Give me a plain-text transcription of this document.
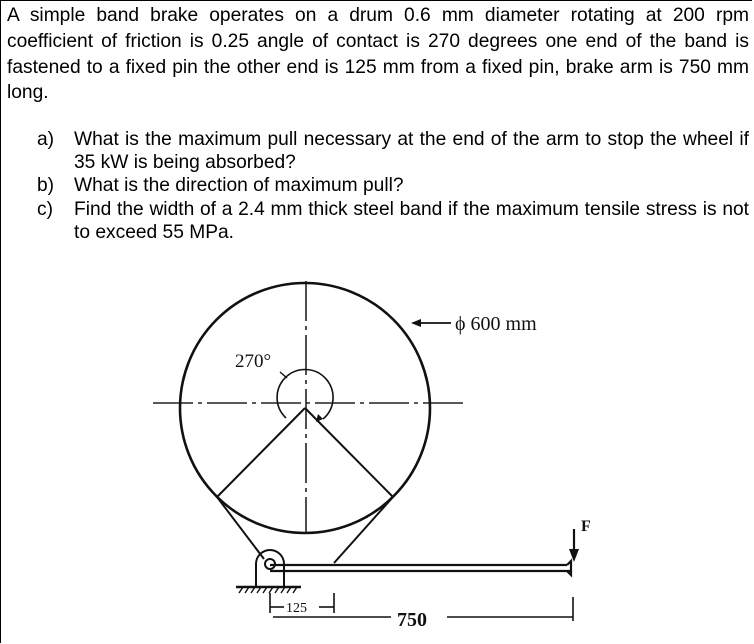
A simple band brake operates on a drum 0.6 mm diameter rotating at 200 rpm coefficient of friction is 0.25 angle of contact is 270 degrees one end of the band is fastened to a fixed pin the other end is 125 mm from a fixed pin, brake arm is 750 mm long.
a) What is the maximum pull necessary at the end of the arm to stop the wheel if 35 kW is being absorbed?
b) What is the direction of maximum pull?
c) Find the width of a 2.4 mm thick steel band if the maximum tensile stress is not to exceed 55 MPa.
ϕ 600 mm
270°
125
750
F
